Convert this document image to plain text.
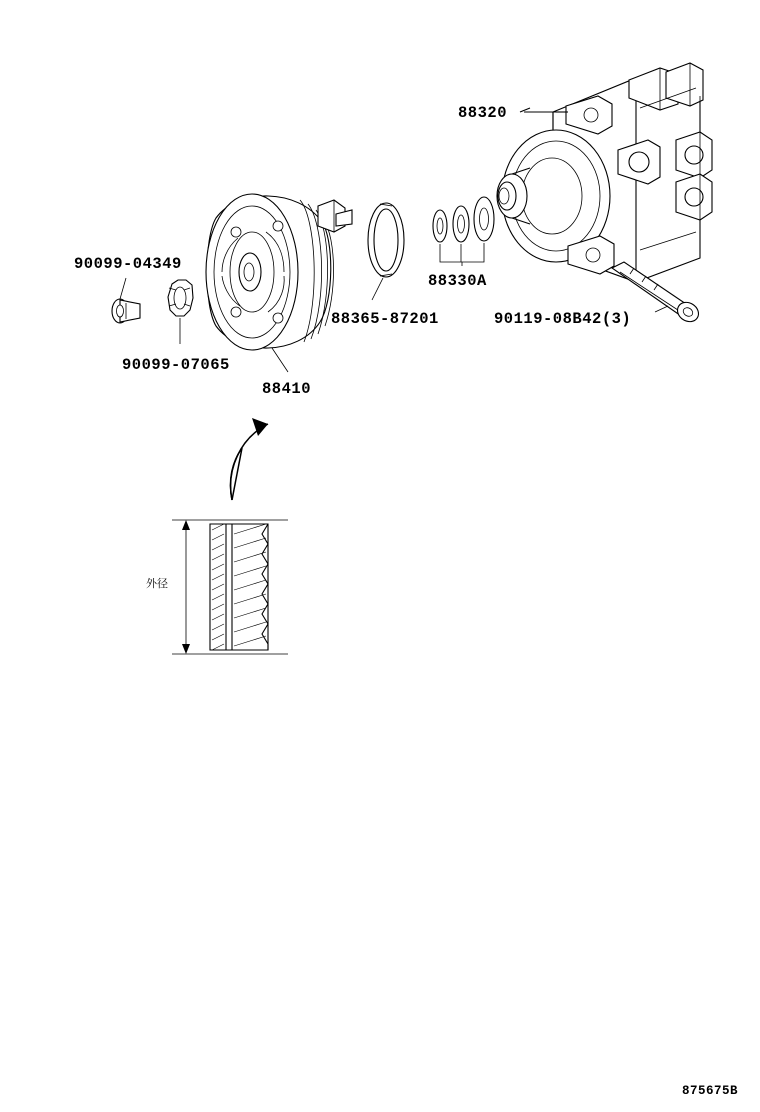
90099-04349
90099-07065
88410
88365-87201
88330A
88320
90119-08B42(3)
外径
875675B
